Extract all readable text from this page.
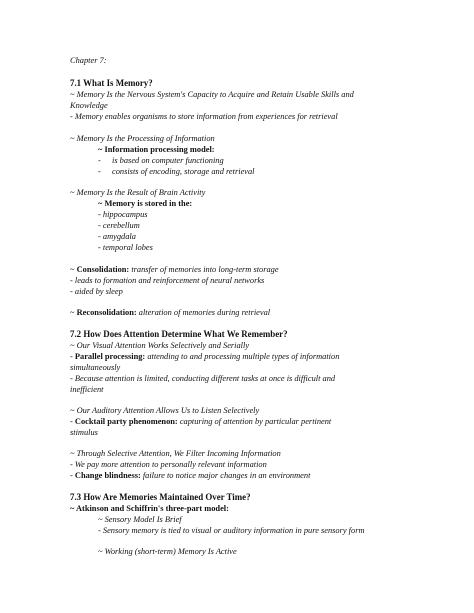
Chapter 7:
7.1 What Is Memory?
~ Memory Is the Nervous System's Capacity to Acquire and Retain Usable Skills and
Knowledge
- Memory enables organisms to store information from experiences for retrieval
~ Memory Is the Processing of Information
~ Information processing model:
- is based on computer functioning
- consists of encoding, storage and retrieval
~ Memory Is the Result of Brain Activity
~ Memory is stored in the:
- hippocampus
- cerebellum
- amygdala
- temporal lobes
~ Consolidation: transfer of memories into long-term storage
- leads to formation and reinforcement of neural networks
- aided by sleep
~ Reconsolidation: alteration of memories during retrieval
7.2 How Does Attention Determine What We Remember?
~ Our Visual Attention Works Selectively and Serially
- Parallel processing: attending to and processing multiple types of information
simultaneously
- Because attention is limited, conducting different tasks at once is difficult and
inefficient
~ Our Auditory Attention Allows Us to Listen Selectively
- Cocktail party phenomenon: capturing of attention by particular pertinent
stimulus
~ Through Selective Attention, We Filter Incoming Information
- We pay more attention to personally relevant information
- Change blindness: failure to notice major changes in an environment
7.3 How Are Memories Maintained Over Time?
~ Atkinson and Schiffrin's three-part model:
~ Sensory Model Is Brief
- Sensory memory is tied to visual or auditory information in pure sensory form
~ Working (short-term) Memory Is Active
